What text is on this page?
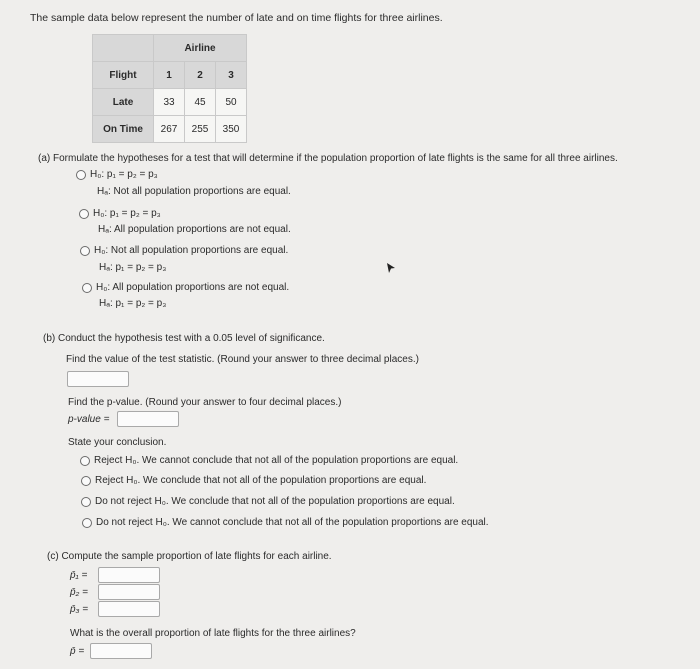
The sample data below represent the number of late and on time flights for three airlines.
	Airline		
Flight	1	2	3
Late	33	45	50
On Time	267	255	350
(a) Formulate the hypotheses for a test that will determine if the population proportion of late flights is the same for all three airlines.
H₀: p₁ = p₂ = p₃
Hₐ: Not all population proportions are equal.
H₀: p₁ = p₂ = p₃
Hₐ: All population proportions are not equal.
H₀: Not all population proportions are equal.
Hₐ: p₁ = p₂ = p₃
H₀: All population proportions are not equal.
Hₐ: p₁ = p₂ = p₃
(b) Conduct the hypothesis test with a 0.05 level of significance.
Find the value of the test statistic. (Round your answer to three decimal places.)
Find the p-value. (Round your answer to four decimal places.)
p-value =
State your conclusion.
Reject H₀. We cannot conclude that not all of the population proportions are equal.
Reject H₀. We conclude that not all of the population proportions are equal.
Do not reject H₀. We conclude that not all of the population proportions are equal.
Do not reject H₀. We cannot conclude that not all of the population proportions are equal.
(c) Compute the sample proportion of late flights for each airline.
p̄₁ =
p̄₂ =
p̄₃ =
What is the overall proportion of late flights for the three airlines?
p̄ =
